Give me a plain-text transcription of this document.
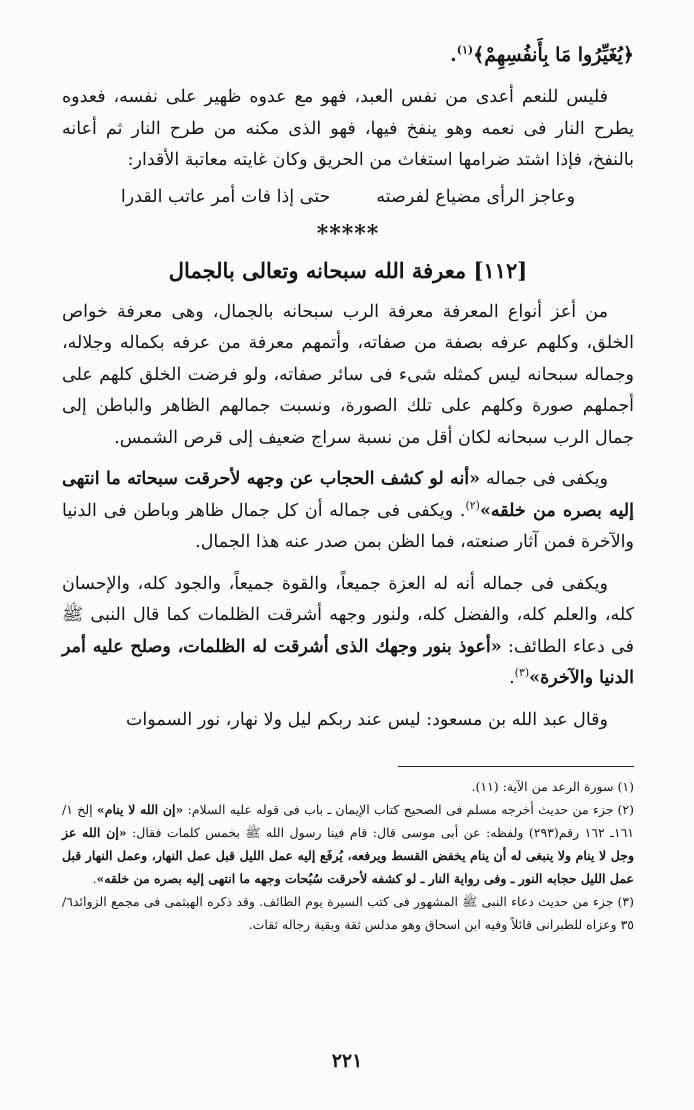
﴿يُغَيِّرُوا مَا بِأَنفُسِهِمْ﴾$^{(١)}$.

فليس للنعم أعدى من نفس العبد، فهو مع عدوه ظهير على نفسه، فعدوه يطرح النار فى نعمه وهو ينفخ فيها، فهو الذى مكنه من طرح النار ثم أعانه بالنفخ، فإذا اشتد ضرامها استغاث من الحريق وكان غايته معاتبة الأقدار:

وعاجز الرأى مضياع لفرصته
حتى إذا فات أمر عاتب القدرا
*****
[١١٢] معرفة الله سبحانه وتعالى بالجمال

من أعز أنواع المعرفة معرفة الرب سبحانه بالجمال، وهى معرفة خواص الخلق، وكلهم عرفه بصفة من صفاته، وأتمهم معرفة من عرفه بكماله وجلاله، وجماله سبحانه ليس كمثله شىء فى سائر صفاته، ولو فرضت الخلق كلهم على أجملهم صورة وكلهم على تلك الصورة، ونسبت جمالهم الظاهر والباطن إلى جمال الرب سبحانه لكان أقل من نسبة سراج ضعيف إلى قرص الشمس.

ويكفى فى جماله «أنه لو كشف الحجاب عن وجهه لأحرقت سبحاته ما انتهى إليه بصره من خلقه»$^{(٢)}$. ويكفى فى جماله أن كل جمال ظاهر وباطن فى الدنيا والآخرة فمن آثار صنعته، فما الظن بمن صدر عنه هذا الجمال.

ويكفى فى جماله أنه له العزة جميعاً، والقوة جميعاً، والجود كله، والإحسان كله، والعلم كله، والفضل كله، ولنور وجهه أشرقت الظلمات كما قال النبى ﷺ فى دعاء الطائف: «أعوذ بنور وجهك الذى أشرقت له الظلمات، وصلح عليه أمر الدنيا والآخرة»$^{(٣)}$.

وقال عبد الله بن مسعود: ليس عند ربكم ليل ولا نهار، نور السموات

(١)سورة الرعد من الآية: (١١).

(٢)جزء من حديث أخرجه مسلم فى الصحيح كتاب الإيمان ـ باب فى قوله عليه السلام: «إن الله لا ينام» إلخ ١/ ١٦١ـ ١٦٢ رقم(٢٩٣) ولفظه: عن أبى موسى قال: قام فينا رسول الله ﷺ بخمس كلمات فقال: «إن الله عز وجل لا ينام ولا ينبغى له أن ينام يخفض القسط ويرفعه، يُرفَع إليه عمل الليل قبل عمل النهار، وعمل النهار قبل عمل الليل حجابه النور ـ وفى رواية النار ـ لو كشفه لأحرقت سُبُحات وجهه ما انتهى إليه بصره من خلقه».

(٣)جزء من حديث دعاء النبى ﷺ المشهور فى كتب السيرة يوم الطائف. وقد ذكره الهيثمى فى مجمع الزوائد٦/ ٣٥ وعزاه للطبرانى قائلاً وفيه ابن اسحاق وهو مدلس ثقة وبقية رجاله ثقات.

٢٢١
